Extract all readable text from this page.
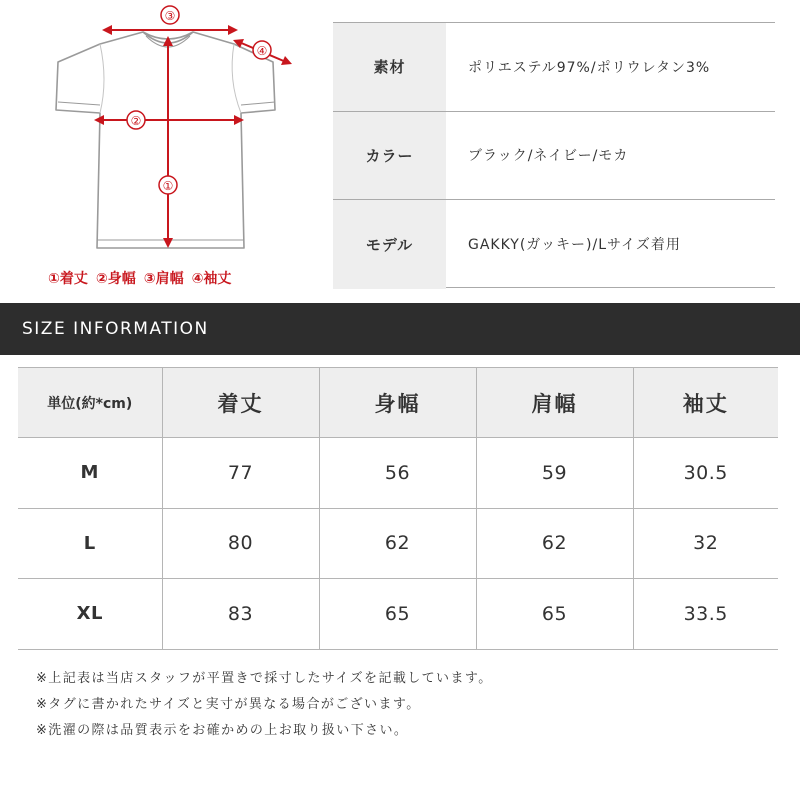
③
④
②
①
①着丈 ②身幅 ③肩幅 ④袖丈
素材	ポリエステル97%/ポリウレタン3%
カラー	ブラック/ネイビー/モカ
モデル	GAKKY(ガッキー)/Lサイズ着用
SIZE INFORMATION
単位(約*cm)	着丈	身幅	肩幅	袖丈
M	77	56	59	30.5
L	80	62	62	32
XL	83	65	65	33.5
※上記表は当店スタッフが平置きで採寸したサイズを記載しています。
※タグに書かれたサイズと実寸が異なる場合がございます。
※洗濯の際は品質表示をお確かめの上お取り扱い下さい。
